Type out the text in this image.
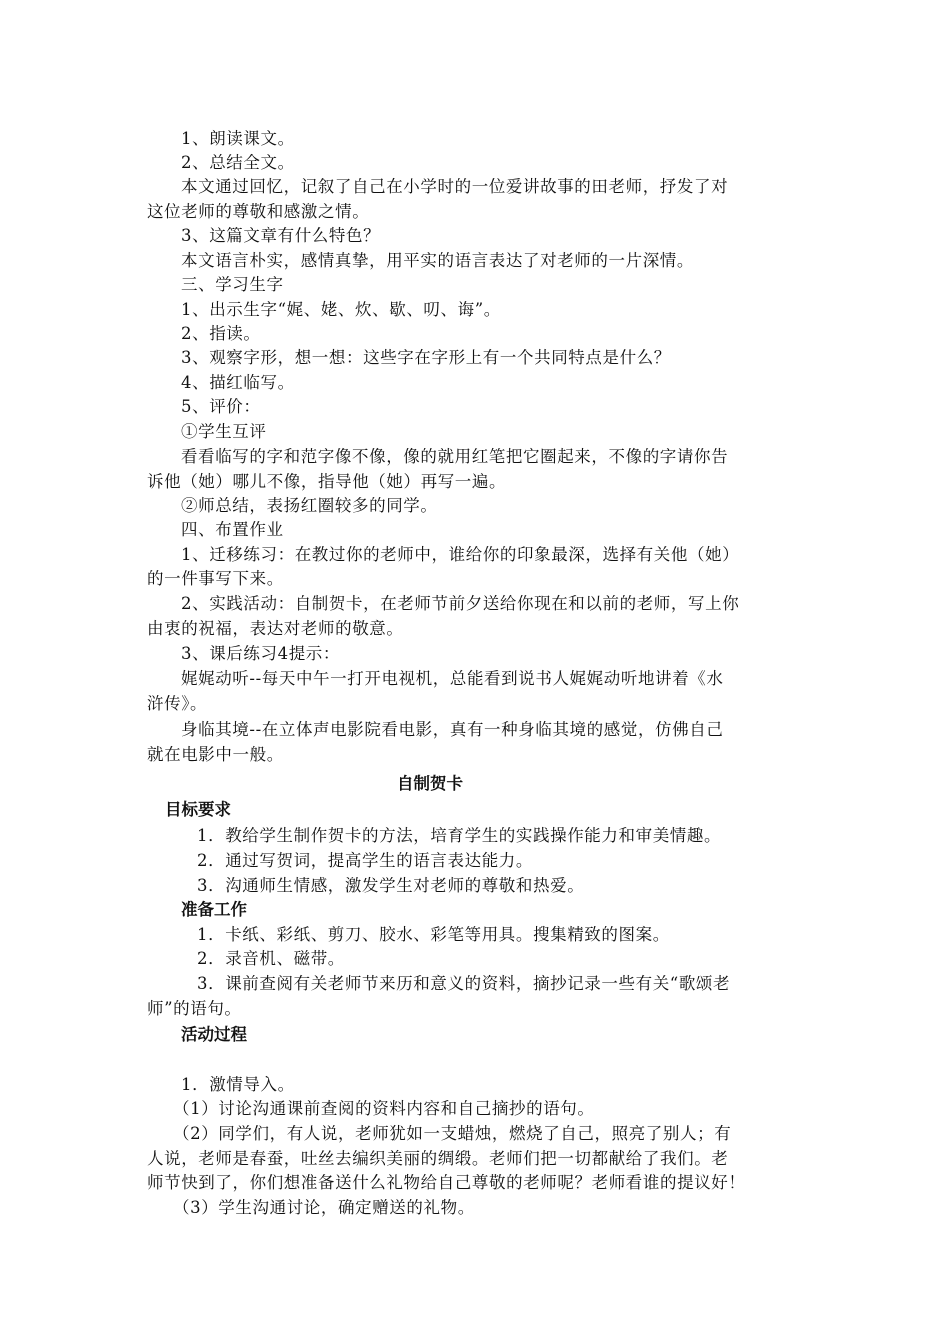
1、朗读课文。
2、总结全文。
本文通过回忆，记叙了自己在小学时的一位爱讲故事的田老师，抒发了对
这位老师的尊敬和感激之情。
3、这篇文章有什么特色？
本文语言朴实，感情真挚，用平实的语言表达了对老师的一片深情。
三、学习生字
1、出示生字“娓、姥、炊、歇、叨、诲”。
2、指读。
3、观察字形，想一想：这些字在字形上有一个共同特点是什么？
4、描红临写。
5、评价：
①学生互评
看看临写的字和范字像不像，像的就用红笔把它圈起来，不像的字请你告
诉他（她）哪儿不像，指导他（她）再写一遍。
②师总结，表扬红圈较多的同学。
四、布置作业
1、迁移练习：在教过你的老师中，谁给你的印象最深，选择有关他（她）
的一件事写下来。
2、实践活动：自制贺卡，在老师节前夕送给你现在和以前的老师，写上你
由衷的祝福，表达对老师的敬意。
3、课后练习4提示：
娓娓动听--每天中午一打开电视机，总能看到说书人娓娓动听地讲着《水
浒传》。
身临其境--在立体声电影院看电影，真有一种身临其境的感觉，仿佛自己
就在电影中一般。
自制贺卡
目标要求
1．教给学生制作贺卡的方法，培育学生的实践操作能力和审美情趣。
2．通过写贺词，提高学生的语言表达能力。
3．沟通师生情感，激发学生对老师的尊敬和热爱。
准备工作
1．卡纸、彩纸、剪刀、胶水、彩笔等用具。搜集精致的图案。
2．录音机、磁带。
3．课前查阅有关老师节来历和意义的资料，摘抄记录一些有关“歌颂老
师”的语句。
活动过程
1．激情导入。
（1）讨论沟通课前查阅的资料内容和自己摘抄的语句。
（2）同学们，有人说，老师犹如一支蜡烛，燃烧了自己，照亮了别人；有
人说，老师是春蚕，吐丝去编织美丽的绸缎。老师们把一切都献给了我们。老
师节快到了，你们想准备送什么礼物给自己尊敬的老师呢？老师看谁的提议好！
（3）学生沟通讨论，确定赠送的礼物。
